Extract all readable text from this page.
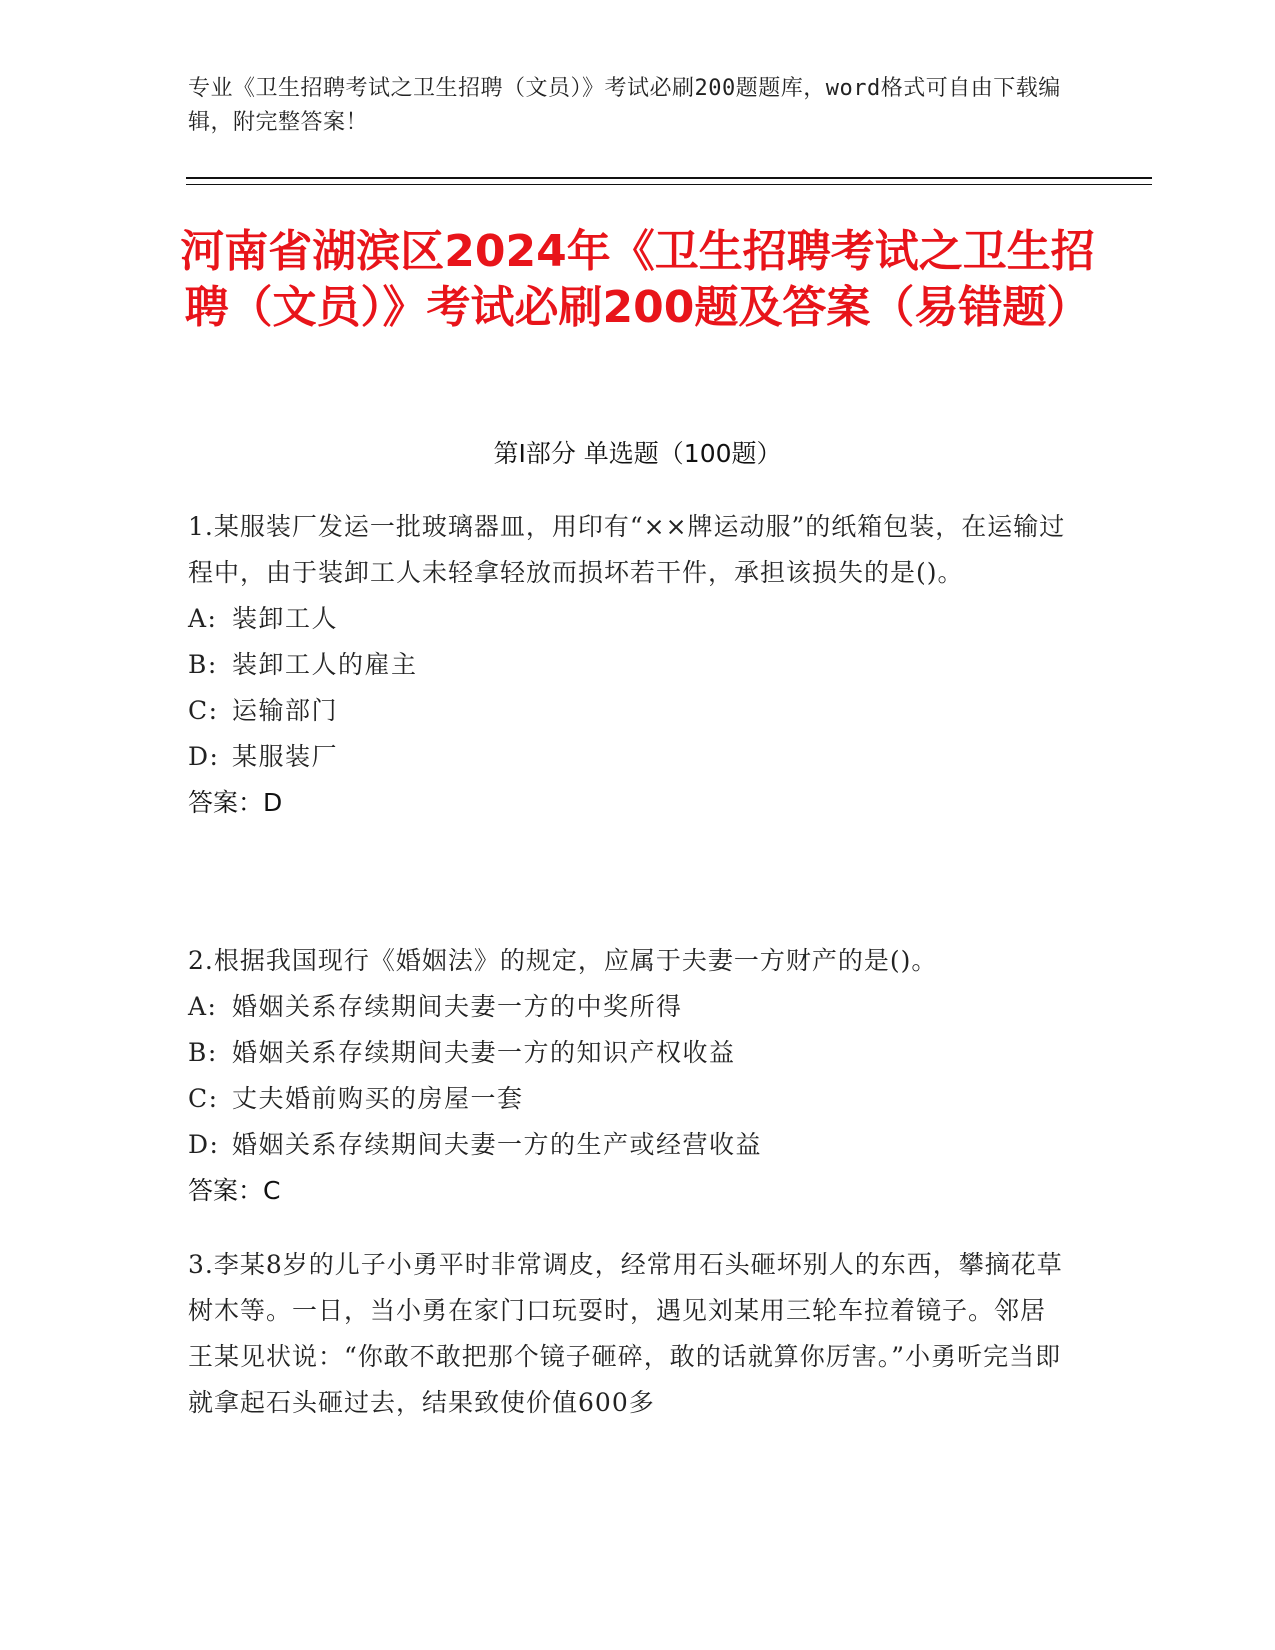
专业《卫生招聘考试之卫生招聘（文员）》考试必刷200题题库，word格式可自由下载编辑，附完整答案！
河南省湖滨区2024年《卫生招聘考试之卫生招聘（文员）》考试必刷200题及答案（易错题）
第Ⅰ部分 单选题（100题）
1.某服装厂发运一批玻璃器皿，用印有“××牌运动服”的纸箱包装，在运输过程中，由于装卸工人未轻拿轻放而损坏若干件，承担该损失的是()。
A: 装卸工人
B: 装卸工人的雇主
C: 运输部门
D: 某服装厂
答案：D
2.根据我国现行《婚姻法》的规定，应属于夫妻一方财产的是()。
A: 婚姻关系存续期间夫妻一方的中奖所得
B: 婚姻关系存续期间夫妻一方的知识产权收益
C: 丈夫婚前购买的房屋一套
D: 婚姻关系存续期间夫妻一方的生产或经营收益
答案：C
3.李某8岁的儿子小勇平时非常调皮，经常用石头砸坏别人的东西，攀摘花草树木等。一日，当小勇在家门口玩耍时，遇见刘某用三轮车拉着镜子。邻居王某见状说：“你敢不敢把那个镜子砸碎，敢的话就算你厉害。”小勇听完当即就拿起石头砸过去，结果致使价值600多
